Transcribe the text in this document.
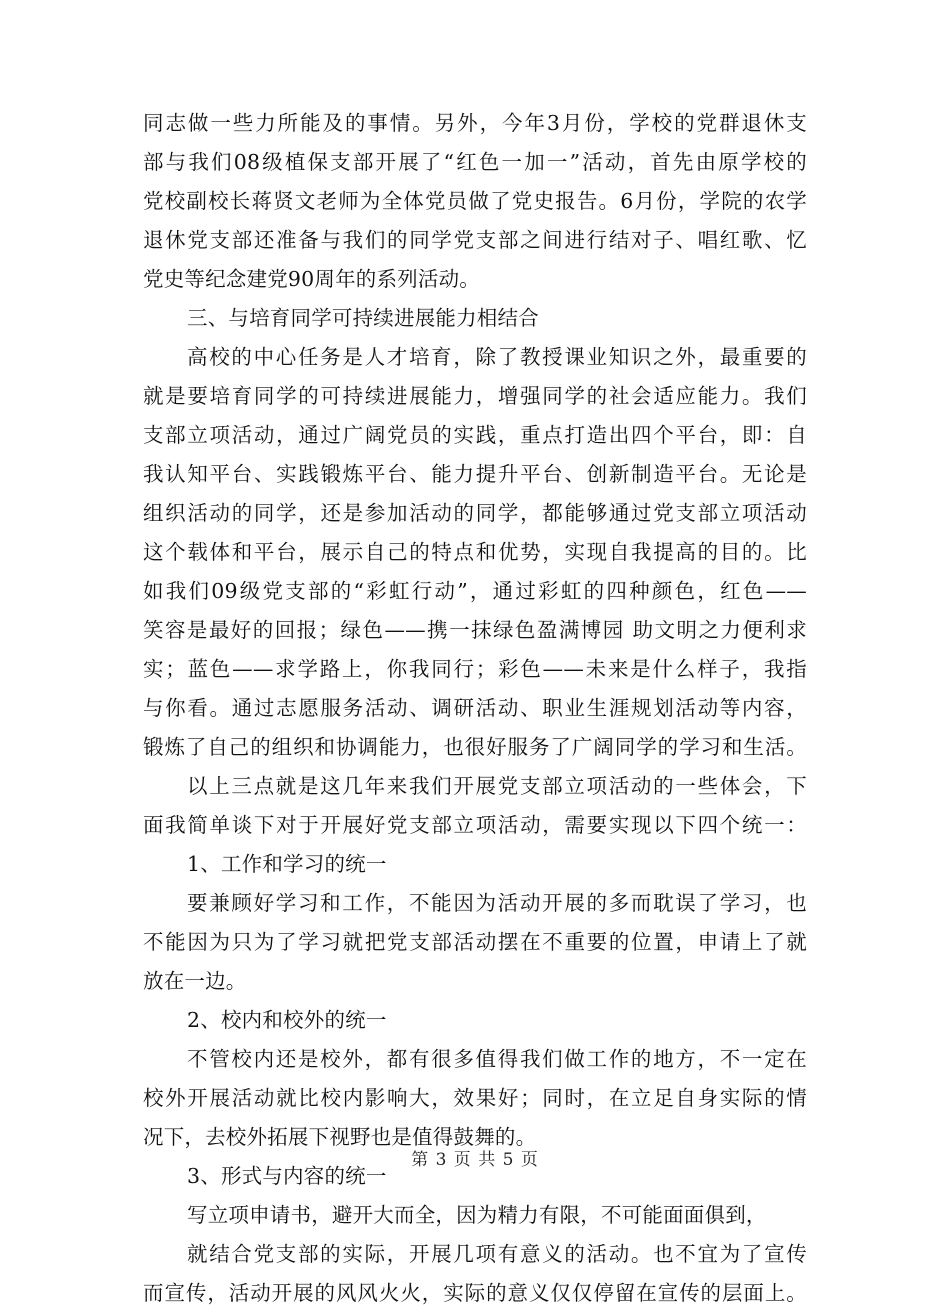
同志做一些力所能及的事情。另外，今年3月份，学校的党群退休支
部与我们08级植保支部开展了“红色一加一”活动，首先由原学校的
党校副校长蒋贤文老师为全体党员做了党史报告。6月份，学院的农学
退休党支部还准备与我们的同学党支部之间进行结对子、唱红歌、忆
党史等纪念建党90周年的系列活动。
三、与培育同学可持续进展能力相结合
高校的中心任务是人才培育，除了教授课业知识之外，最重要的
就是要培育同学的可持续进展能力，增强同学的社会适应能力。我们
支部立项活动，通过广阔党员的实践，重点打造出四个平台，即：自
我认知平台、实践锻炼平台、能力提升平台、创新制造平台。无论是
组织活动的同学，还是参加活动的同学，都能够通过党支部立项活动
这个载体和平台，展示自己的特点和优势，实现自我提高的目的。比
如我们09级党支部的“彩虹行动”，通过彩虹的四种颜色，红色——
笑容是最好的回报；绿色——携一抹绿色盈满博园 助文明之力便利求
实；蓝色——求学路上，你我同行；彩色——未来是什么样子，我指
与你看。通过志愿服务活动、调研活动、职业生涯规划活动等内容，
锻炼了自己的组织和协调能力，也很好服务了广阔同学的学习和生活。
以上三点就是这几年来我们开展党支部立项活动的一些体会，下
面我简单谈下对于开展好党支部立项活动，需要实现以下四个统一：
1、工作和学习的统一
要兼顾好学习和工作，不能因为活动开展的多而耽误了学习，也
不能因为只为了学习就把党支部活动摆在不重要的位置，申请上了就
放在一边。
2、校内和校外的统一
不管校内还是校外，都有很多值得我们做工作的地方，不一定在
校外开展活动就比校内影响大，效果好；同时，在立足自身实际的情
况下，去校外拓展下视野也是值得鼓舞的。
3、形式与内容的统一
写立项申请书，避开大而全，因为精力有限，不可能面面俱到，
就结合党支部的实际，开展几项有意义的活动。也不宜为了宣传
而宣传，活动开展的风风火火，实际的意义仅仅停留在宣传的层面上。
第 3 页 共 5 页
